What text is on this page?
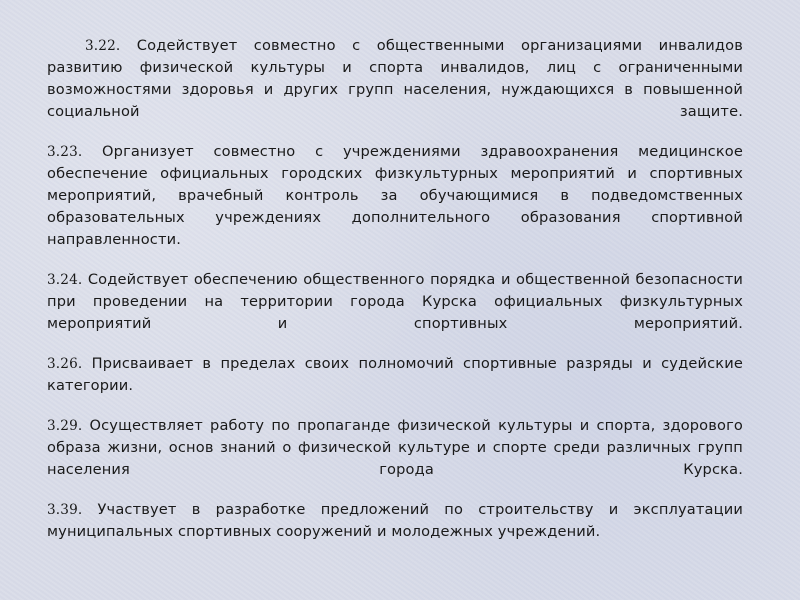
3.22. Содействует совместно с общественными организациями инвалидов развитию физической культуры и спорта инвалидов, лиц с ограниченными возможностями здоровья и других групп населения, нуждающихся в повышенной социальной защите.

3.23. Организует совместно с учреждениями здравоохранения медицинское обеспечение официальных городских физкультурных мероприятий и спортивных мероприятий, врачебный контроль за обучающимися в подведомственных образовательных учреждениях дополнительного образования спортивной направленности.

3.24. Содействует обеспечению общественного порядка и общественной безопасности при проведении на территории города Курска официальных физкультурных мероприятий и спортивных мероприятий.

3.26. Присваивает в пределах своих полномочий спортивные разряды и судейские категории.

3.29. Осуществляет работу по пропаганде физической культуры и спорта, здорового образа жизни, основ знаний о физической культуре и спорте среди различных групп населения города Курска.

3.39. Участвует в разработке предложений по строительству и эксплуатации муниципальных спортивных сооружений и молодежных учреждений.
